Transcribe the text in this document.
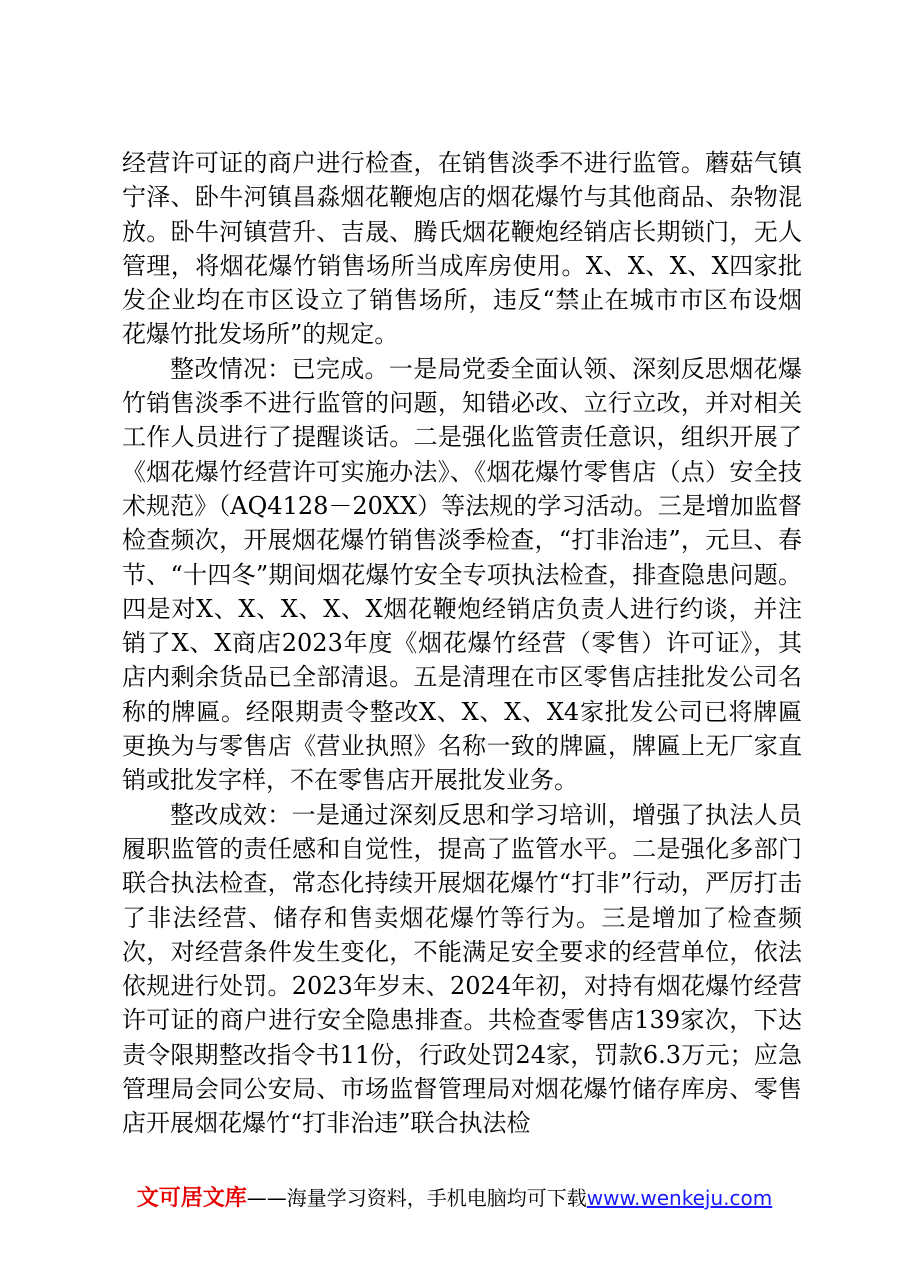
经营许可证的商户进行检查，在销售淡季不进行监管。蘑菇气镇宁泽、卧牛河镇昌淼烟花鞭炮店的烟花爆竹与其他商品、杂物混放。卧牛河镇营升、吉晟、腾氏烟花鞭炮经销店长期锁门，无人管理，将烟花爆竹销售场所当成库房使用。X、X、X、X四家批发企业均在市区设立了销售场所，违反“禁止在城市市区布设烟花爆竹批发场所”的规定。

整改情况：已完成。一是局党委全面认领、深刻反思烟花爆竹销售淡季不进行监管的问题，知错必改、立行立改，并对相关工作人员进行了提醒谈话。二是强化监管责任意识，组织开展了《烟花爆竹经营许可实施办法》、《烟花爆竹零售店（点）安全技术规范》（AQ4128－20XX）等法规的学习活动。三是增加监督检查频次，开展烟花爆竹销售淡季检查，“打非治违”，元旦、春节、“十四冬”期间烟花爆竹安全专项执法检查，排查隐患问题。四是对X、X、X、X、X烟花鞭炮经销店负责人进行约谈，并注销了X、X商店2023年度《烟花爆竹经营（零售）许可证》，其店内剩余货品已全部清退。五是清理在市区零售店挂批发公司名称的牌匾。经限期责令整改X、X、X、X4家批发公司已将牌匾更换为与零售店《营业执照》名称一致的牌匾，牌匾上无厂家直销或批发字样，不在零售店开展批发业务。

整改成效：一是通过深刻反思和学习培训，增强了执法人员履职监管的责任感和自觉性，提高了监管水平。二是强化多部门联合执法检查，常态化持续开展烟花爆竹“打非”行动，严厉打击了非法经营、储存和售卖烟花爆竹等行为。三是增加了检查频次，对经营条件发生变化，不能满足安全要求的经营单位，依法依规进行处罚。2023年岁末、2024年初，对持有烟花爆竹经营许可证的商户进行安全隐患排查。共检查零售店139家次，下达责令限期整改指令书11份，行政处罚24家，罚款6.3万元；应急管理局会同公安局、市场监督管理局对烟花爆竹储存库房、零售店开展烟花爆竹“打非治违”联合执法检

文可居文库——海量学习资料，手机电脑均可下载www.wenkeju.com
